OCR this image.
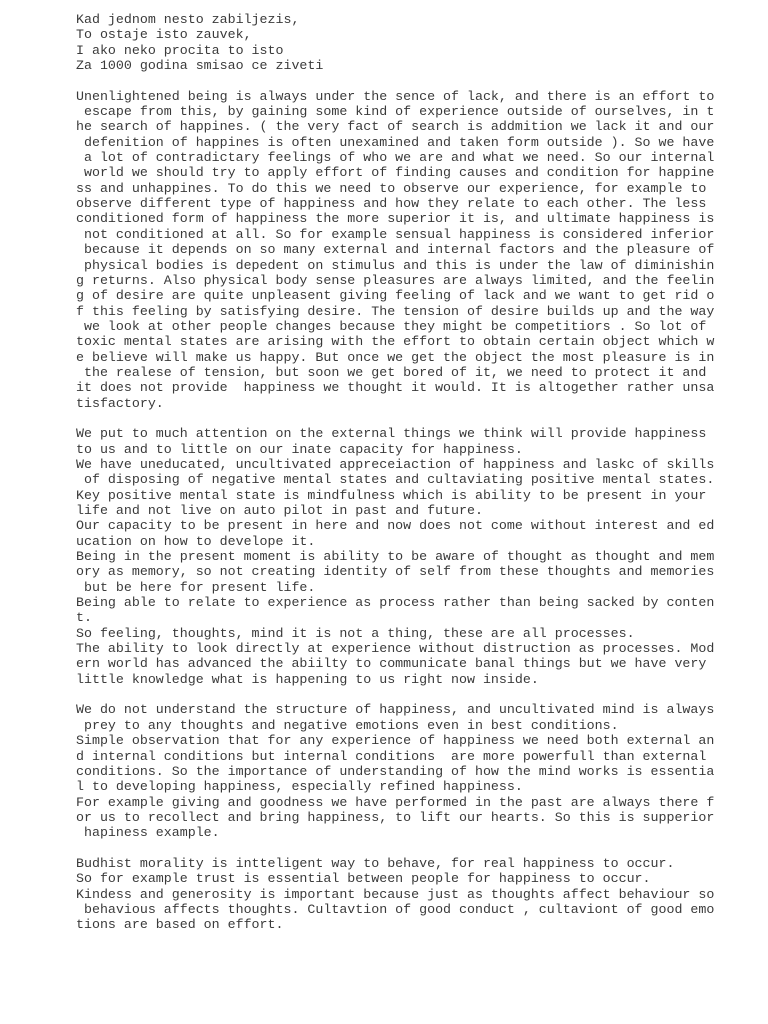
Kad jednom nesto zabiljezis,
To ostaje isto zauvek,
I ako neko procita to isto
Za 1000 godina smisao ce ziveti
Unenlightened being is always under the sence of lack, and there is an effort to
escape from this, by gaining some kind of experience outside of ourselves, in t
he search of happines. ( the very fact of search is addmition we lack it and our
defenition of happines is often unexamined and taken form outside ). So we have
a lot of contradictary feelings of who we are and what we need. So our internal
world we should try to apply effort of finding causes and condition for happine
ss and unhappines. To do this we need to observe our experience, for example to
observe different type of happiness and how they relate to each other. The less
conditioned form of happiness the more superior it is, and ultimate happiness is
not conditioned at all. So for example sensual happiness is considered inferior
because it depends on so many external and internal factors and the pleasure of
physical bodies is depedent on stimulus and this is under the law of diminishin
g returns. Also physical body sense pleasures are always limited, and the feelin
g of desire are quite unpleasent giving feeling of lack and we want to get rid o
f this feeling by satisfying desire. The tension of desire builds up and the way
we look at other people changes because they might be competitiors . So lot of
toxic mental states are arising with the effort to obtain certain object which w
e believe will make us happy. But once we get the object the most pleasure is in
the realese of tension, but soon we get bored of it, we need to protect it and
it does not provide  happiness we thought it would. It is altogether rather unsa
tisfactory.
We put to much attention on the external things we think will provide happiness
to us and to little on our inate capacity for happiness.
We have uneducated, uncultivated appreceiaction of happiness and laskc of skills
of disposing of negative mental states and cultaviating positive mental states.
Key positive mental state is mindfulness which is ability to be present in your
life and not live on auto pilot in past and future.
Our capacity to be present in here and now does not come without interest and ed
ucation on how to develope it.
Being in the present moment is ability to be aware of thought as thought and mem
ory as memory, so not creating identity of self from these thoughts and memories
but be here for present life.
Being able to relate to experience as process rather than being sacked by conten
t.
So feeling, thoughts, mind it is not a thing, these are all processes.
The ability to look directly at experience without distruction as processes. Mod
ern world has advanced the abiilty to communicate banal things but we have very
little knowledge what is happening to us right now inside.
We do not understand the structure of happiness, and uncultivated mind is always
prey to any thoughts and negative emotions even in best conditions.
Simple observation that for any experience of happiness we need both external an
d internal conditions but internal conditions  are more powerfull than external
conditions. So the importance of understanding of how the mind works is essentia
l to developing happiness, especially refined happiness.
For example giving and goodness we have performed in the past are always there f
or us to recollect and bring happiness, to lift our hearts. So this is supperior
hapiness example.
Budhist morality is intteligent way to behave, for real happiness to occur.
So for example trust is essential between people for happiness to occur.
Kindess and generosity is important because just as thoughts affect behaviour so
behavious affects thoughts. Cultavtion of good conduct , cultaviont of good emo
tions are based on effort.
